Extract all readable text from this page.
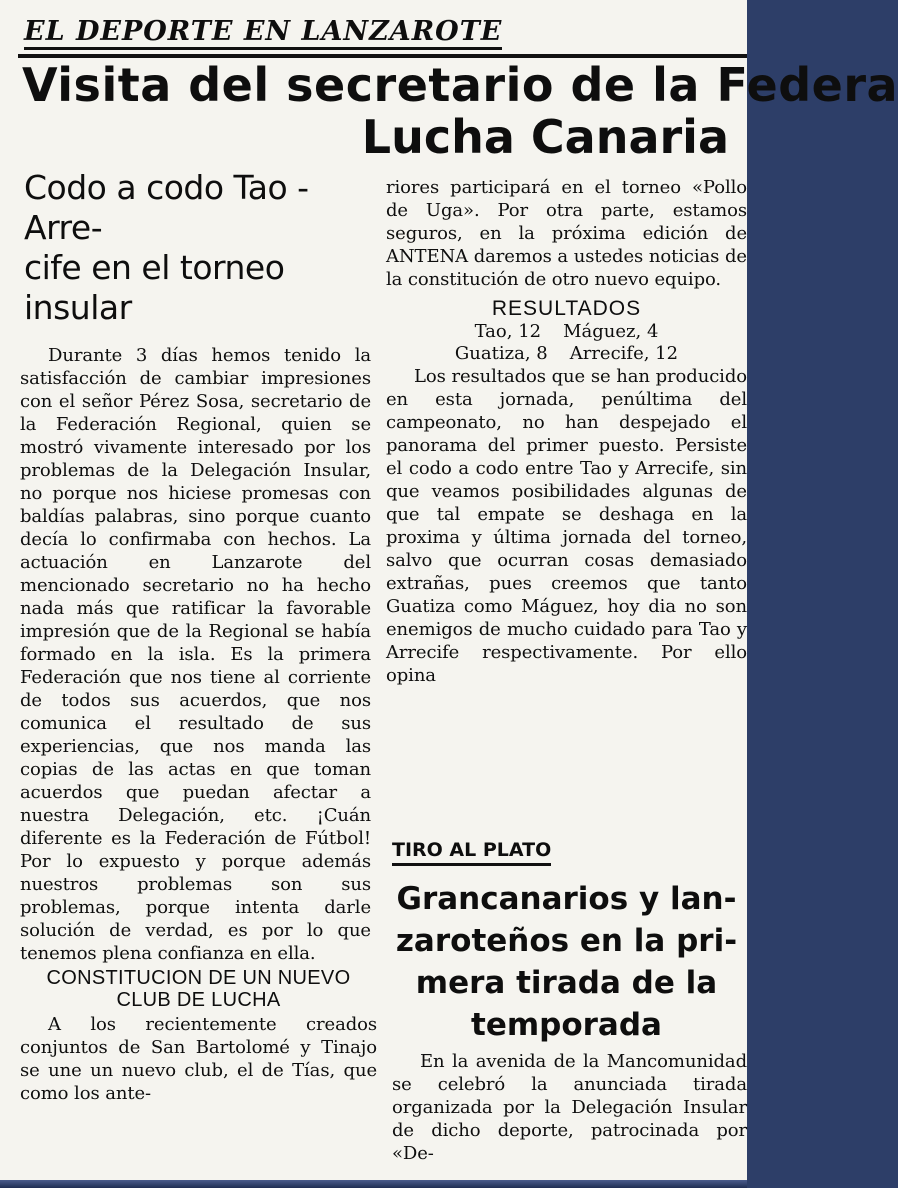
EL DEPORTE EN LANZAROTE
Visita del secretario de la Federa
Lucha Canaria
Codo a codo Tao - Arre-
cife en el torneo insular

Durante 3 días hemos tenido la satisfacción de cambiar impresiones con el señor Pérez Sosa, secretario de la Federación Regional, quien se mostró vivamente interesado por los problemas de la Delegación Insular, no porque nos hiciese promesas con baldías palabras, sino porque cuanto decía lo confirmaba con hechos. La actuación en Lanzarote del mencionado secretario no ha hecho nada más que ratificar la favorable impresión que de la Regional se había formado en la isla. Es la primera Federación que nos tiene al corriente de todos sus acuerdos, que nos comunica el resultado de sus experiencias, que nos manda las copias de las actas en que toman acuerdos que puedan afectar a nuestra Delegación, etc. ¡Cuán diferente es la Federación de Fútbol! Por lo expuesto y porque además nuestros problemas son sus problemas, porque intenta darle solución de verdad, es por lo que tenemos plena confianza en ella.

CONSTITUCION DE UN NUEVO CLUB DE LUCHA

A los recientemente creados conjuntos de San Bartolomé y Tinajo se une un nuevo club, el de Tías, que como los ante-

riores participará en el torneo «Pollo de Uga». Por otra parte, estamos seguros, en la próxima edición de ANTENA daremos a ustedes noticias de la constitución de otro nuevo equipo.

RESULTADOS
Tao, 12 Máguez, 4
Guatiza, 8 Arrecife, 12

Los resultados que se han producido en esta jornada, penúltima del campeonato, no han despejado el panorama del primer puesto. Persiste el codo a codo entre Tao y Arrecife, sin que veamos posibilidades algunas de que tal empate se deshaga en la proxima y última jornada del torneo, salvo que ocurran cosas demasiado extrañas, pues creemos que tanto Guatiza como Máguez, hoy dia no son enemigos de mucho cuidado para Tao y Arrecife respectivamente. Por ello opina

TIRO AL PLATO
Grancanarios y lan-
zaroteños en la pri-
mera tirada de la
temporada

En la avenida de la Mancomunidad se celebró la anunciada tirada organizada por la Delegación Insular de dicho deporte, patrocinada por «De-
